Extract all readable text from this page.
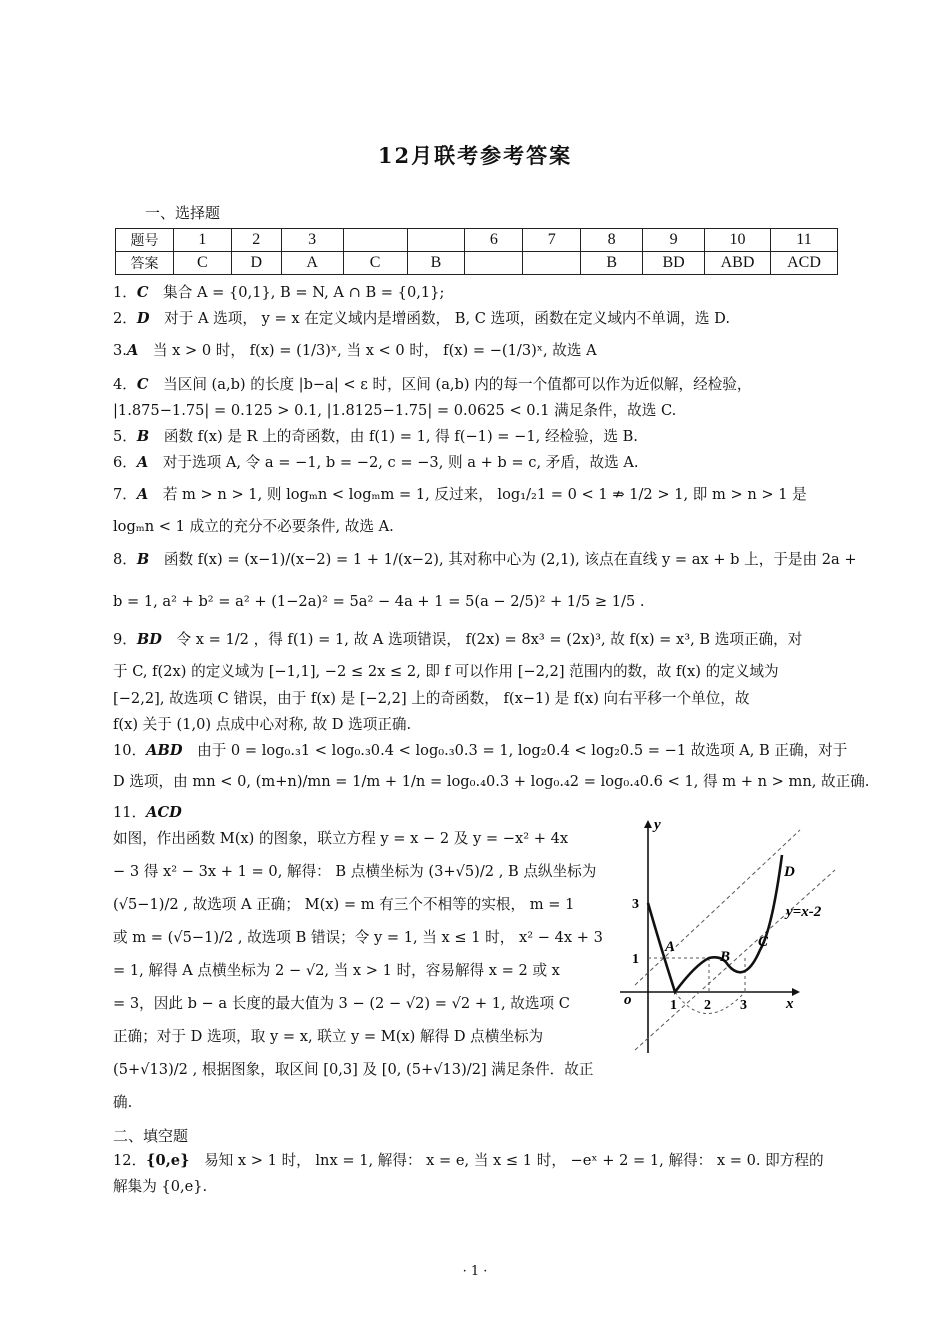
12月联考参考答案
一、选择题
题号	1	2	3			6	7	8	9	10	11
答案	C	D	A	C	B			B	BD	ABD	ACD
1．C　 集合 A = {0,1}, B = N, A ∩ B = {0,1};
2．D　 对于 A 选项， y = x 在定义域内是增函数， B, C 选项，函数在定义域内不单调，选 D.
3.A　 当 x > 0 时， f(x) = (1/3)ˣ, 当 x < 0 时， f(x) = −(1/3)ˣ, 故选 A
4．C　 当区间 (a,b) 的长度 |b−a| < ε 时，区间 (a,b) 内的每一个值都可以作为近似解，经检验，
|1.875−1.75| = 0.125 > 0.1, |1.8125−1.75| = 0.0625 < 0.1 满足条件，故选 C.
5．B　 函数 f(x) 是 R 上的奇函数，由 f(1) = 1, 得 f(−1) = −1, 经检验，选 B.
6．A　 对于选项 A, 令 a = −1, b = −2, c = −3, 则 a + b = c, 矛盾，故选 A.
7．A　 若 m > n > 1, 则 logₘn < logₘm = 1, 反过来， log₁/₂1 = 0 < 1 ⇏ 1/2 > 1, 即 m > n > 1 是
logₘn < 1 成立的充分不必要条件, 故选 A.
8．B　 函数 f(x) = (x−1)/(x−2) = 1 + 1/(x−2), 其对称中心为 (2,1), 该点在直线 y = ax + b 上，于是由 2a +
b = 1, a² + b² = a² + (1−2a)² = 5a² − 4a + 1 = 5(a − 2/5)² + 1/5 ≥ 1/5 .
9．BD　 令 x = 1/2 ，得 f(1) = 1, 故 A 选项错误， f(2x) = 8x³ = (2x)³, 故 f(x) = x³, B 选项正确，对
于 C, f(2x) 的定义域为 [−1,1], −2 ≤ 2x ≤ 2, 即 f 可以作用 [−2,2] 范围内的数，故 f(x) 的定义域为
[−2,2], 故选项 C 错误，由于 f(x) 是 [−2,2] 上的奇函数， f(x−1) 是 f(x) 向右平移一个单位，故
f(x) 关于 (1,0) 点成中心对称, 故 D 选项正确.
10．ABD　 由于 0 = log₀.₃1 < log₀.₃0.4 < log₀.₃0.3 = 1, log₂0.4 < log₂0.5 = −1 故选项 A, B 正确，对于
D 选项，由 mn < 0, (m+n)/mn = 1/m + 1/n = log₀.₄0.3 + log₀.₄2 = log₀.₄0.6 < 1, 得 m + n > mn, 故正确.
11．ACD
如图，作出函数 M(x) 的图象，联立方程 y = x − 2 及 y = −x² + 4x
− 3 得 x² − 3x + 1 = 0, 解得： B 点横坐标为 (3+√5)/2 , B 点纵坐标为
(√5−1)/2 , 故选项 A 正确； M(x) = m 有三个不相等的实根， m = 1
或 m = (√5−1)/2 , 故选项 B 错误；令 y = 1, 当 x ≤ 1 时， x² − 4x + 3
= 1, 解得 A 点横坐标为 2 − √2, 当 x > 1 时，容易解得 x = 2 或 x
= 3，因此 b − a 长度的最大值为 3 − (2 − √2) = √2 + 1, 故选项 C
正确；对于 D 选项，取 y = x, 联立 y = M(x) 解得 D 点横坐标为
(5+√13)/2 , 根据图象，取区间 [0,3] 及 [0, (5+√13)/2] 满足条件．故正
确.
y
x
o	1 2 3
1
3
A
B
C
D
y=x-2
二、填空题
12．{0,e}　 易知 x > 1 时， lnx = 1, 解得： x = e, 当 x ≤ 1 时， −eˣ + 2 = 1, 解得： x = 0. 即方程的
解集为 {0,e}.
· 1 ·
